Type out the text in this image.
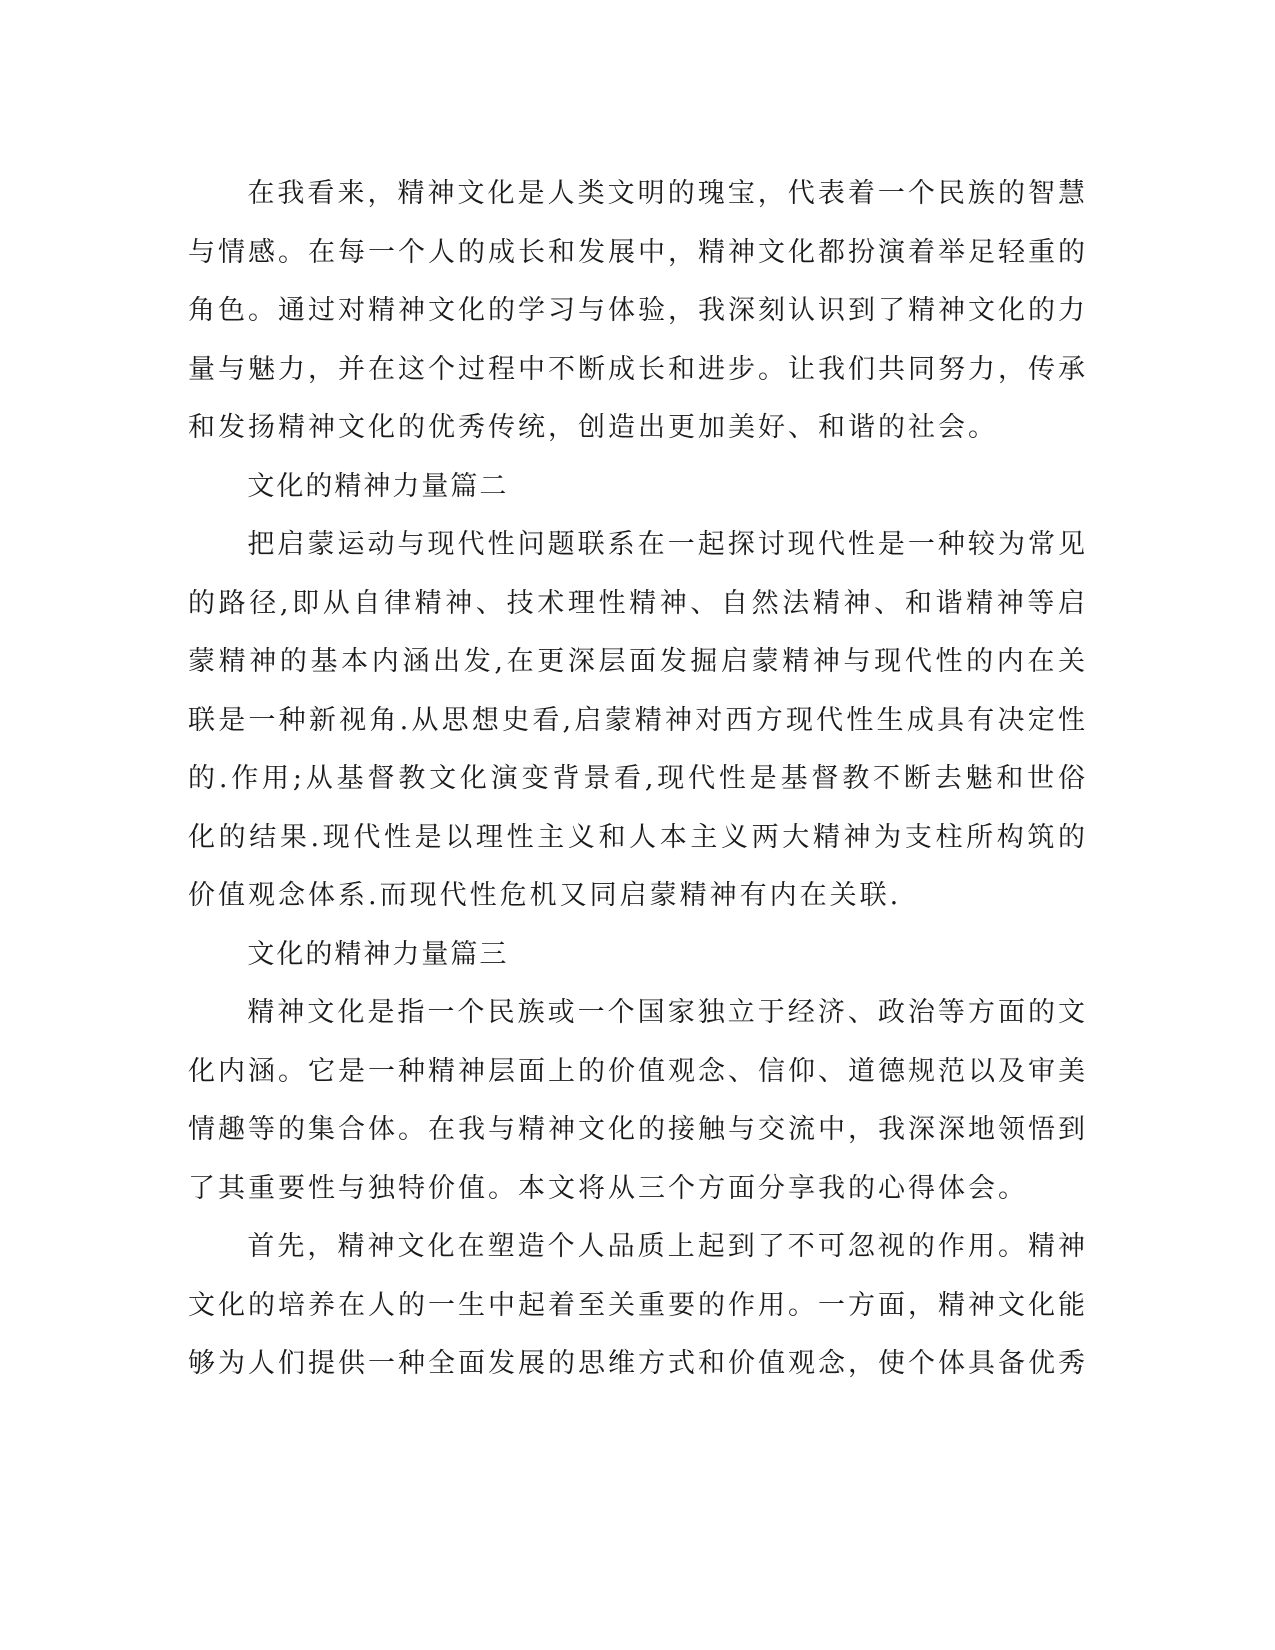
在我看来，精神文化是人类文明的瑰宝，代表着一个民族的智慧与情感。在每一个人的成长和发展中，精神文化都扮演着举足轻重的角色。通过对精神文化的学习与体验，我深刻认识到了精神文化的力量与魅力，并在这个过程中不断成长和进步。让我们共同努力，传承和发扬精神文化的优秀传统，创造出更加美好、和谐的社会。

文化的精神力量篇二

把启蒙运动与现代性问题联系在一起探讨现代性是一种较为常见的路径,即从自律精神、技术理性精神、自然法精神、和谐精神等启蒙精神的基本内涵出发,在更深层面发掘启蒙精神与现代性的内在关联是一种新视角.从思想史看,启蒙精神对西方现代性生成具有决定性的.作用;从基督教文化演变背景看,现代性是基督教不断去魅和世俗化的结果.现代性是以理性主义和人本主义两大精神为支柱所构筑的价值观念体系.而现代性危机又同启蒙精神有内在关联.

文化的精神力量篇三

精神文化是指一个民族或一个国家独立于经济、政治等方面的文化内涵。它是一种精神层面上的价值观念、信仰、道德规范以及审美情趣等的集合体。在我与精神文化的接触与交流中，我深深地领悟到了其重要性与独特价值。本文将从三个方面分享我的心得体会。

首先，精神文化在塑造个人品质上起到了不可忽视的作用。精神文化的培养在人的一生中起着至关重要的作用。一方面，精神文化能够为人们提供一种全面发展的思维方式和价值观念，使个体具备优秀
